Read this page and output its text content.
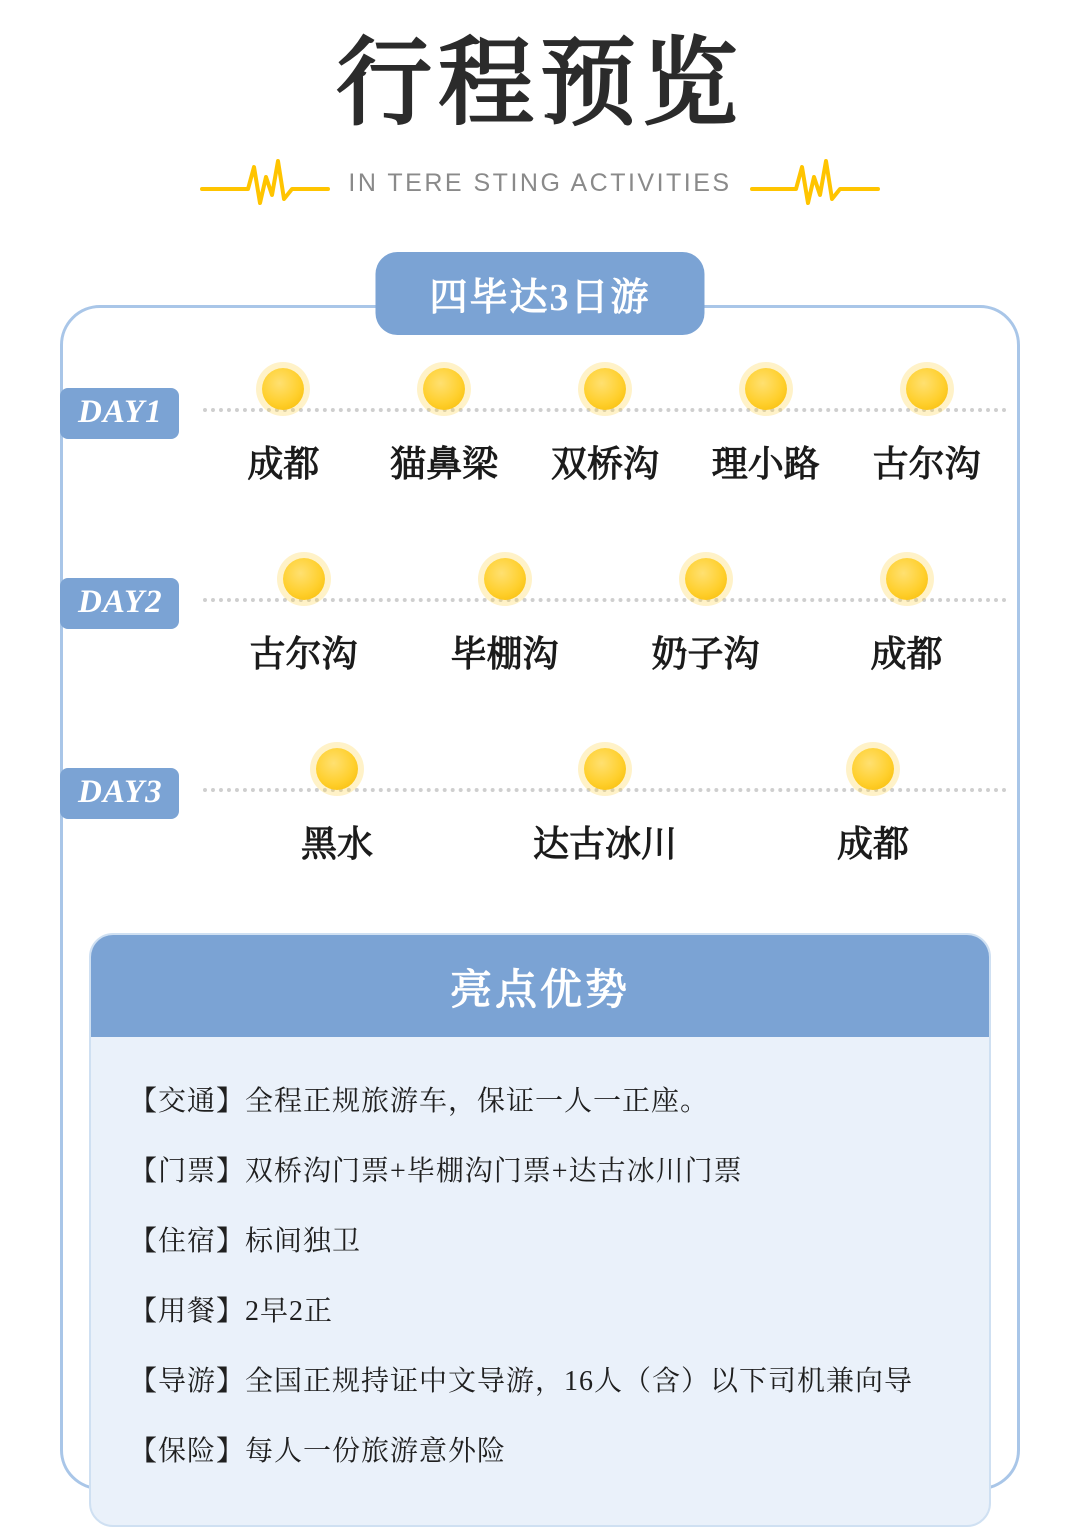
行程预览
IN TERE STING ACTIVITIES
四毕达3日游
DAY1
成都 猫鼻梁 双桥沟 理小路 古尔沟
DAY2
古尔沟	毕棚沟	奶子沟	成都
DAY3
黑水	达古冰川	成都
亮点优势
【交通】全程正规旅游车，保证一人一正座。
【门票】双桥沟门票+毕棚沟门票+达古冰川门票
【住宿】标间独卫
【用餐】2早2正
【导游】全国正规持证中文导游，16人（含）以下司机兼向导
【保险】每人一份旅游意外险
